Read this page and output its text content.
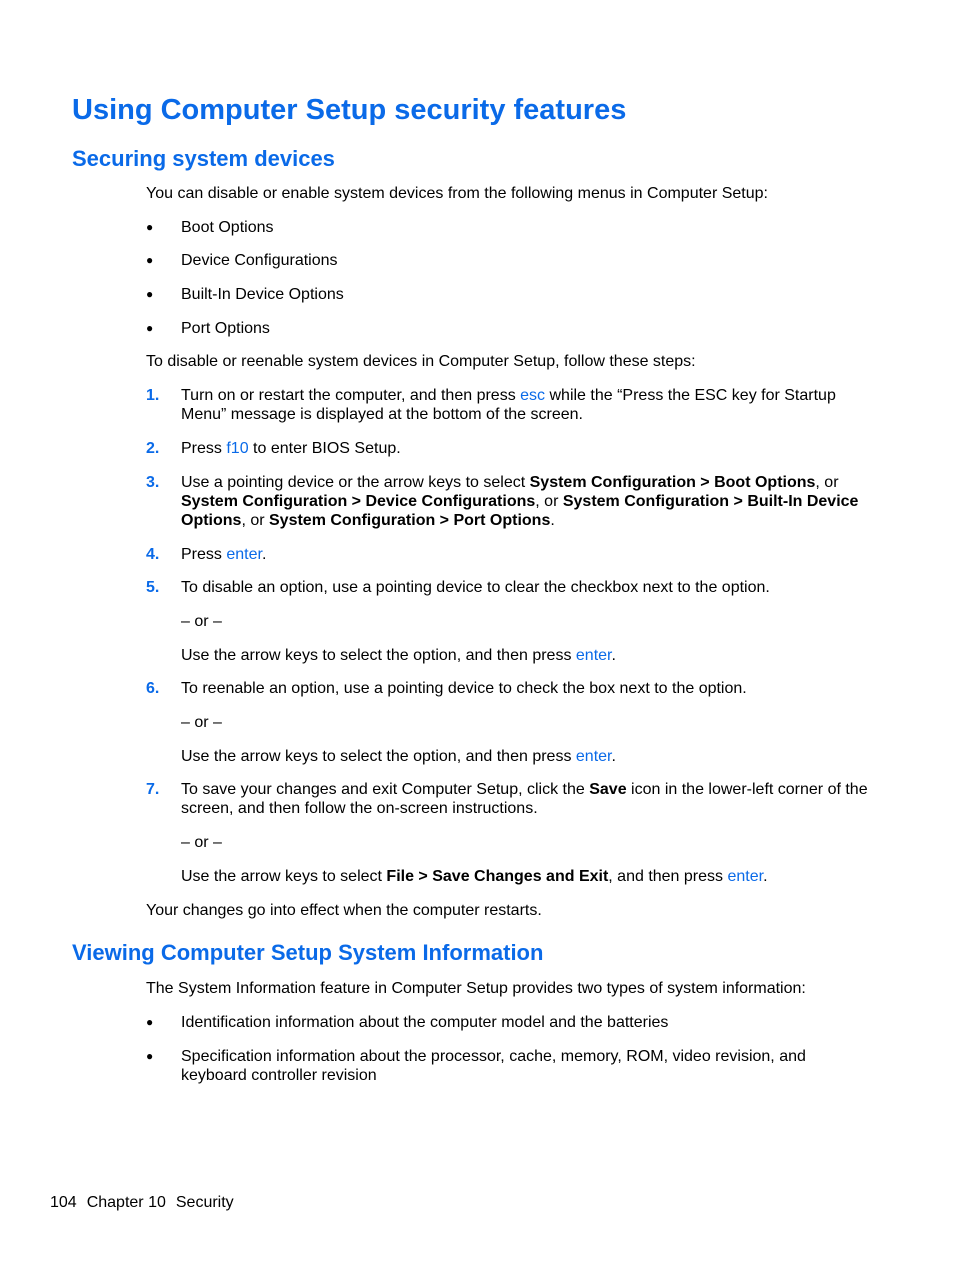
Using Computer Setup security features
Securing system devices

You can disable or enable system devices from the following menus in Computer Setup:

● Boot Options

● Device Configurations

● Built-In Device Options

● Port Options

To disable or reenable system devices in Computer Setup, follow these steps:

1. Turn on or restart the computer, and then press esc while the “Press the ESC key for Startup Menu” message is displayed at the bottom of the screen.

2. Press f10 to enter BIOS Setup.

3. Use a pointing device or the arrow keys to select System Configuration > Boot Options, or System Configuration > Device Configurations, or System Configuration > Built-In Device Options, or System Configuration > Port Options.

4. Press enter.

5. To disable an option, use a pointing device to clear the checkbox next to the option.

– or –

Use the arrow keys to select the option, and then press enter.

6. To reenable an option, use a pointing device to check the box next to the option.

– or –

Use the arrow keys to select the option, and then press enter.

7. To save your changes and exit Computer Setup, click the Save icon in the lower-left corner of the screen, and then follow the on-screen instructions.

– or –

Use the arrow keys to select File > Save Changes and Exit, and then press enter.

Your changes go into effect when the computer restarts.

Viewing Computer Setup System Information

The System Information feature in Computer Setup provides two types of system information:

● Identification information about the computer model and the batteries

● Specification information about the processor, cache, memory, ROM, video revision, and keyboard controller revision

104 Chapter 10 Security
